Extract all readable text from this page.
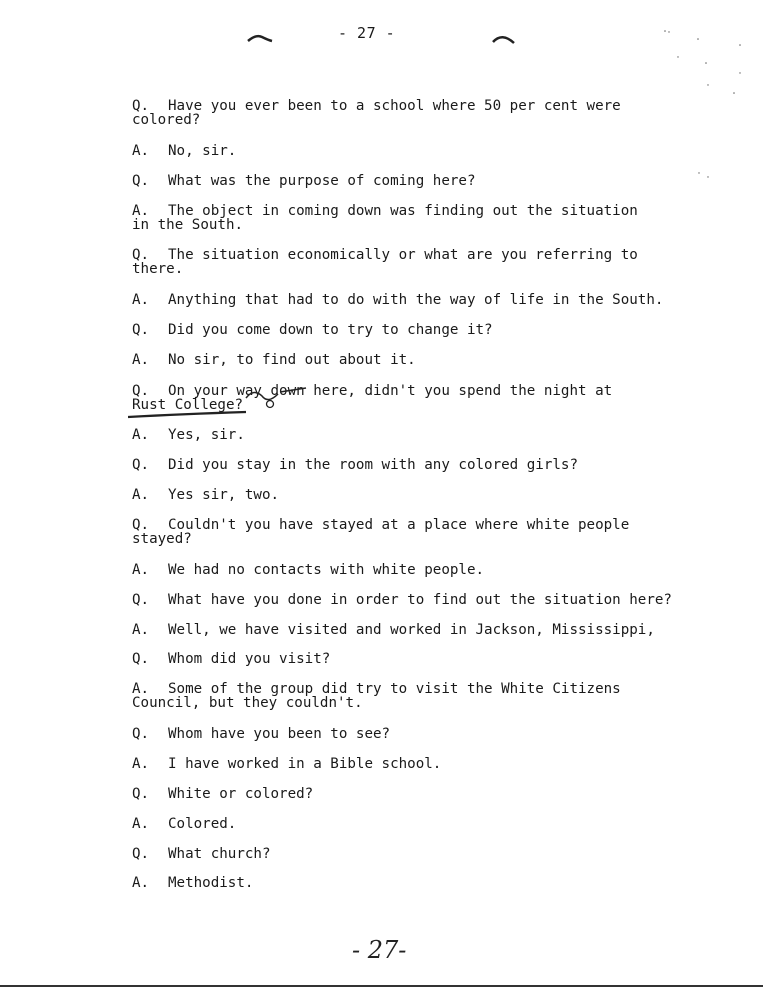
- 27 -
Q. Have you ever been to a school where 50 per cent were
colored?
A. No, sir.
Q. What was the purpose of coming here?
A. The object in coming down was finding out the situation
in the South.
Q. The situation economically or what are you referring to
there.
A. Anything that had to do with the way of life in the South.
Q. Did you come down to try to change it?
A. No sir, to find out about it.
Q. On your way down here, didn't you spend the night at
Rust College?
A. Yes, sir.
Q. Did you stay in the room with any colored girls?
A. Yes sir, two.
Q. Couldn't you have stayed at a place where white people
stayed?
A. We had no contacts with white people.
Q. What have you done in order to find out the situation here?
A. Well, we have visited and worked in Jackson, Mississippi,
Q. Whom did you visit?
A. Some of the group did try to visit the White Citizens
Council, but they couldn't.
Q. Whom have you been to see?
A. I have worked in a Bible school.
Q. White or colored?
A. Colored.
Q. What church?
A. Methodist.
- 27-
